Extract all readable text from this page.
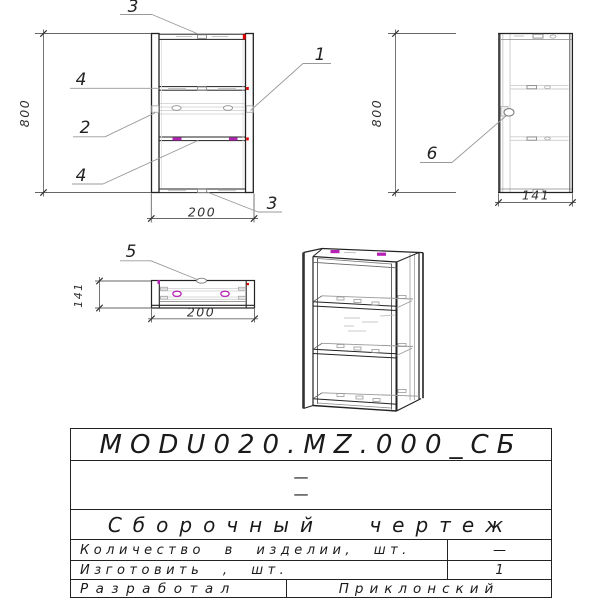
800
200
3
4
2
4
1
3
800
141
6
141
200
5
MODU020.MZ.000_СБ
—
—
Сборочный чертеж
Количество в изделии, шт.	—
Изготовить , шт.	1
Разработал	Приклонский
